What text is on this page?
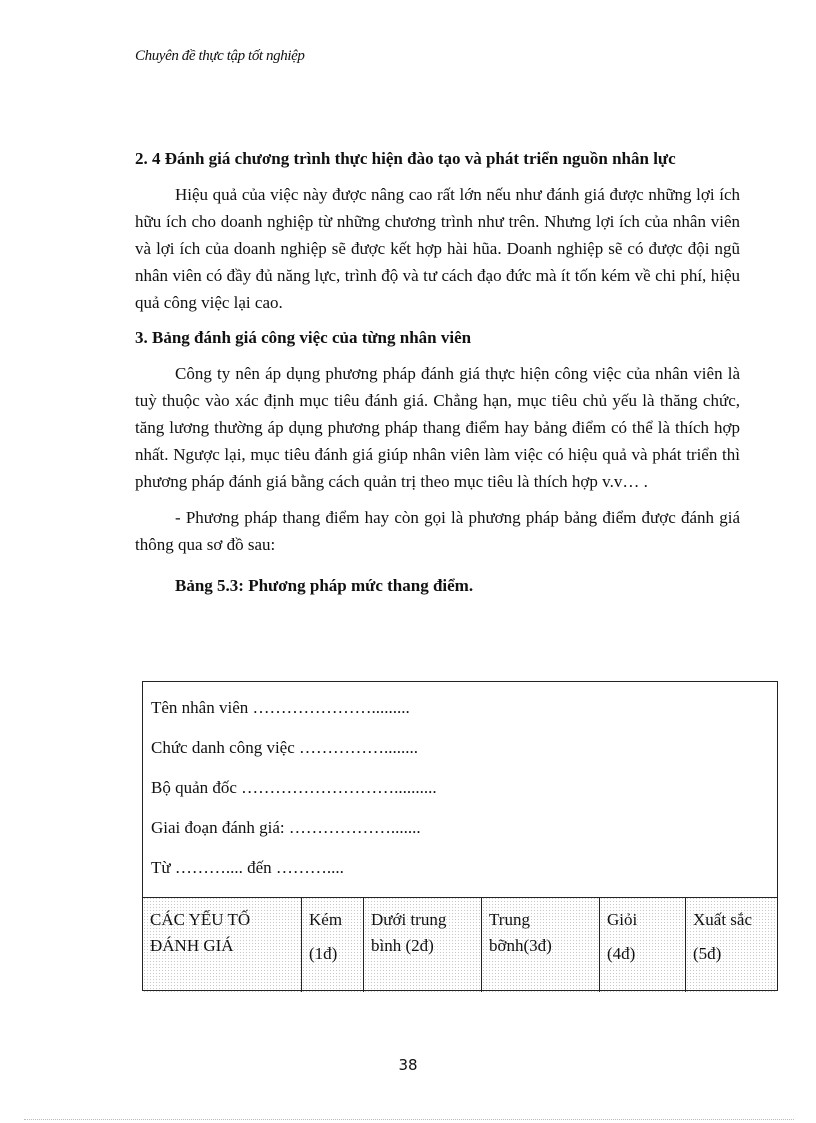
Chuyên đề thực tập tốt nghiệp

2. 4 Đánh giá chương trình thực hiện đào tạo và phát triển nguồn nhân lực

Hiệu quả của việc này được nâng cao rất lớn nếu như đánh giá được những lợi ích hữu ích cho doanh nghiệp từ những chương trình như trên. Nhưng lợi ích của nhân viên và lợi ích của doanh nghiệp sẽ được kết hợp hài hũa. Doanh nghiệp sẽ có được đội ngũ nhân viên có đầy đủ năng lực, trình độ và tư cách đạo đức mà ít tốn kém về chi phí, hiệu quả công việc lại cao.

3. Bảng đánh giá công việc của từng nhân viên

Công ty nên áp dụng phương pháp đánh giá thực hiện công việc của nhân viên là tuỳ thuộc vào xác định mục tiêu đánh giá. Chẳng hạn, mục tiêu chủ yếu là thăng chức, tăng lương thường áp dụng phương pháp thang điểm hay bảng điểm có thể là thích hợp nhất. Ngược lại, mục tiêu đánh giá giúp nhân viên làm việc có hiệu quả và phát triển thì phương pháp đánh giá bằng cách quản trị theo mục tiêu là thích hợp v.v… .

- Phương pháp thang điểm hay còn gọi là phương pháp bảng điểm được đánh giá thông qua sơ đồ sau:

Bảng 5.3: Phương pháp mức thang điểm.

Tên nhân viên ………………….........
Chức danh công việc ……………........
Bộ quản đốc ………………………..........
Giai đoạn đánh giá: ……………….......
Từ ……….... đến ………....
CÁC YẾU TỐ ĐÁNH GIÁ
Kém
(1đ)
Dưới trung bình (2đ)
Trung bỡnh(3đ)
Giỏi
(4đ)
Xuất sắc
(5đ)
38
